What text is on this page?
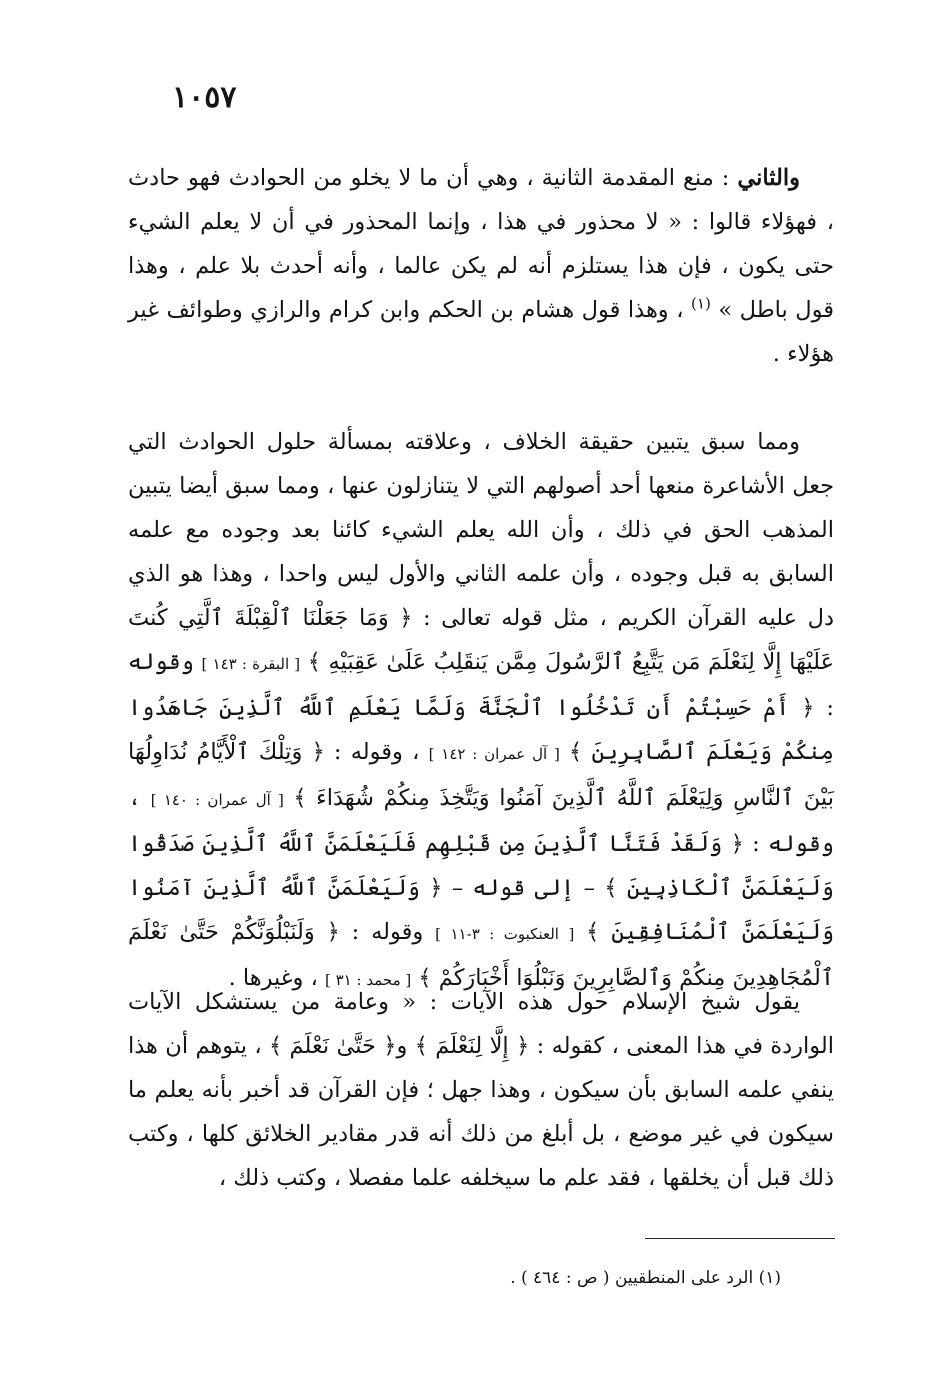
١٠٥٧

والثاني : منع المقدمة الثانية ، وهي أن ما لا يخلو من الحوادث فهو حادث ، فهؤلاء قالوا : « لا محذور في هذا ، وإنما المحذور في أن لا يعلم الشيء حتى يكون ، فإن هذا يستلزم أنه لم يكن عالما ، وأنه أحدث بلا علم ، وهذا قول باطل » $^{(١)}$ ، وهذا قول هشام بن الحكم وابن كرام والرازي وطوائف غير هؤلاء .

ومما سبق يتبين حقيقة الخلاف ، وعلاقته بمسألة حلول الحوادث التي جعل الأشاعرة منعها أحد أصولهم التي لا يتنازلون عنها ، ومما سبق أيضا يتبين المذهب الحق في ذلك ، وأن الله يعلم الشيء كائنا بعد وجوده مع علمه السابق به قبل وجوده ، وأن علمه الثاني والأول ليس واحدا ، وهذا هو الذي دل عليه القرآن الكريم ، مثل قوله تعالى : ﴿ وَمَا جَعَلْنَا ٱلْقِبْلَةَ ٱلَّتِي كُنتَ عَلَيْهَا إِلَّا لِنَعْلَمَ مَن يَتَّبِعُ ٱلرَّسُولَ مِمَّن يَنقَلِبُ عَلَىٰ عَقِبَيْهِ ﴾ [ البقرة : ١٤٣ ] وقوله : ﴿ أَمْ حَسِبْتُمْ أَن تَدْخُلُوا ٱلْجَنَّةَ وَلَمَّا يَعْلَمِ ٱللَّهُ ٱلَّذِينَ جَاهَدُوا مِنكُمْ وَيَعْلَمَ ٱلصَّابِرِينَ ﴾ [ آل عمران : ١٤٢ ] ، وقوله : ﴿ وَتِلْكَ ٱلْأَيَّامُ نُدَاوِلُهَا بَيْنَ ٱلنَّاسِ وَلِيَعْلَمَ ٱللَّهُ ٱلَّذِينَ آمَنُوا وَيَتَّخِذَ مِنكُمْ شُهَدَاءَ ﴾ [ آل عمران : ١٤٠ ] ، وقوله : ﴿ وَلَقَدْ فَتَنَّا ٱلَّذِينَ مِن قَبْلِهِم فَلَيَعْلَمَنَّ ٱللَّهُ ٱلَّذِينَ صَدَقُوا وَلَيَعْلَمَنَّ ٱلْكَاذِبِينَ ﴾ – إلى قوله – ﴿ وَلَيَعْلَمَنَّ ٱللَّهُ ٱلَّذِينَ آمَنُوا وَلَيَعْلَمَنَّ ٱلْمُنَافِقِينَ ﴾ [ العنكبوت : ٣-١١ ] وقوله : ﴿ وَلَنَبْلُوَنَّكُمْ حَتَّىٰ نَعْلَمَ ٱلْمُجَاهِدِينَ مِنكُمْ وَٱلصَّابِرِينَ وَنَبْلُوَا أَخْبَارَكُمْ ﴾ [ محمد : ٣١ ] ، وغيرها .

يقول شيخ الإسلام حول هذه الآيات : « وعامة من يستشكل الآيات الواردة في هذا المعنى ، كقوله : ﴿ إِلَّا لِنَعْلَمَ ﴾ و﴿ حَتَّىٰ نَعْلَمَ ﴾ ، يتوهم أن هذا ينفي علمه السابق بأن سيكون ، وهذا جهل ؛ فإن القرآن قد أخبر بأنه يعلم ما سيكون في غير موضع ، بل أبلغ من ذلك أنه قدر مقادير الخلائق كلها ، وكتب ذلك قبل أن يخلقها ، فقد علم ما سيخلفه علما مفصلا ، وكتب ذلك ،

(١) الرد على المنطقيين ( ص : ٤٦٤ ) .
